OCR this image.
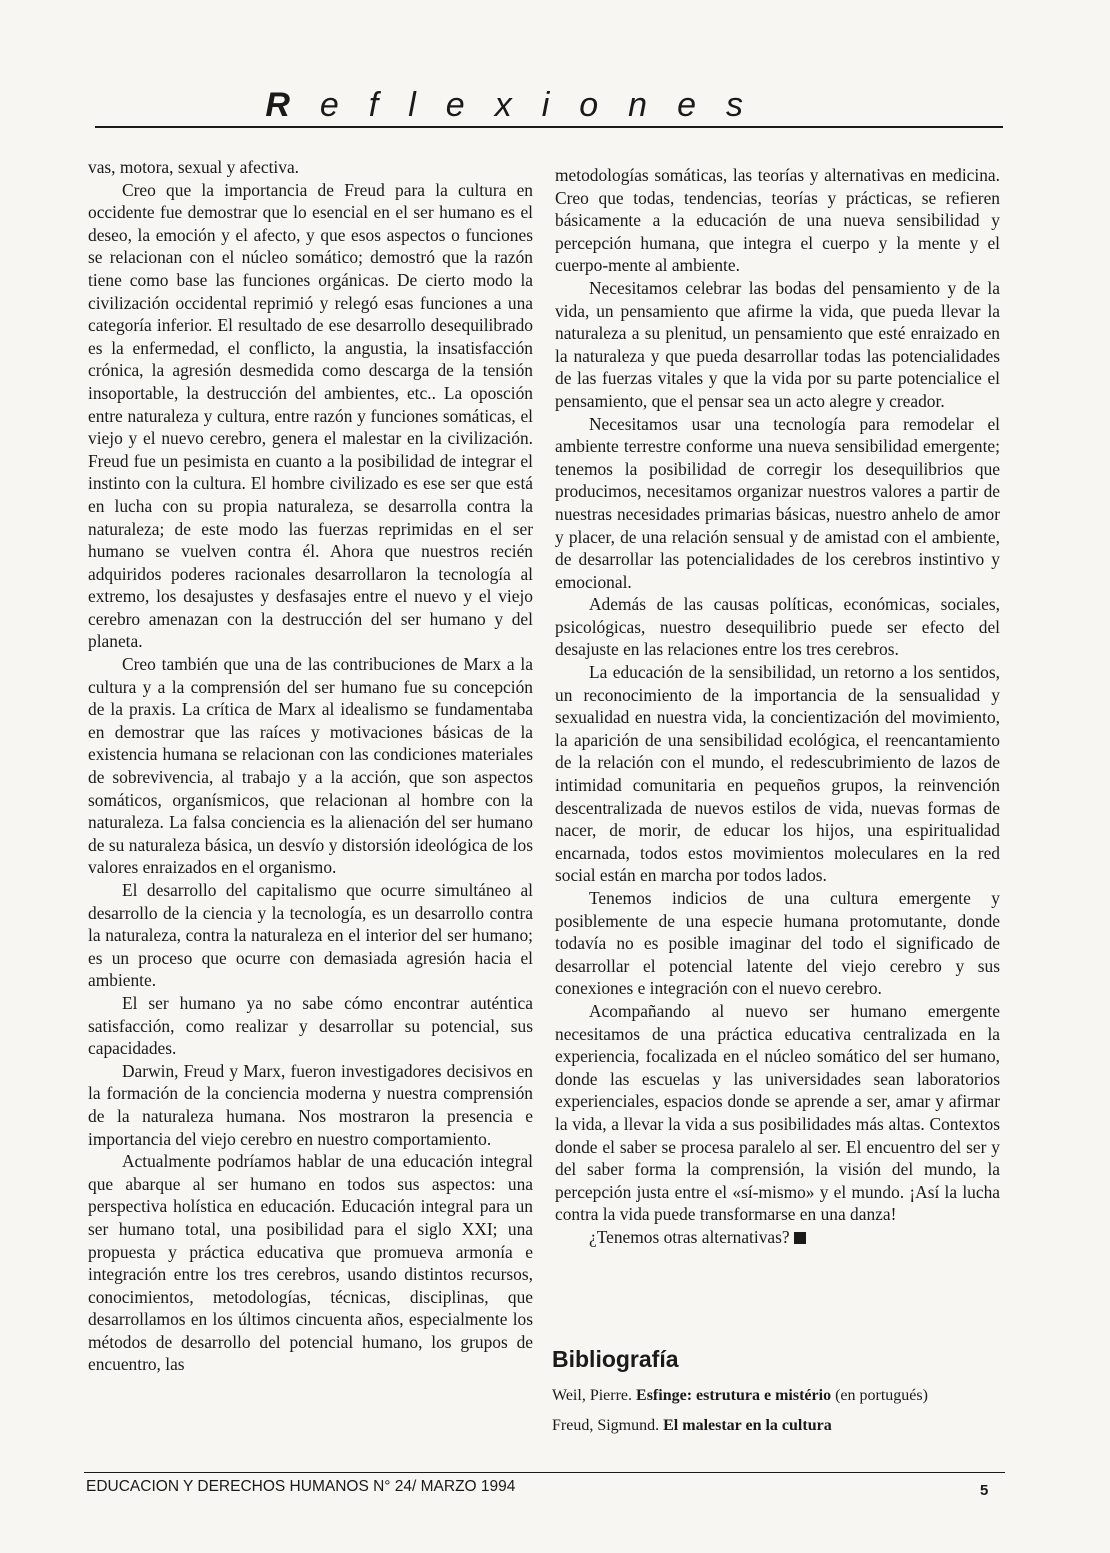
Reflexiones

vas, motora, sexual y afectiva.

Creo que la importancia de Freud para la cultura en occidente fue demostrar que lo esencial en el ser humano es el deseo, la emoción y el afecto, y que esos aspectos o funciones se relacionan con el núcleo somático; demostró que la razón tiene como base las funciones orgánicas. De cierto modo la civilización occidental reprimió y relegó esas funciones a una categoría inferior. El resultado de ese desarrollo desequilibrado es la enfermedad, el conflicto, la angustia, la insatisfacción crónica, la agresión desmedida como descarga de la tensión insoportable, la destrucción del ambientes, etc.. La oposción entre naturaleza y cultura, entre razón y funciones somáticas, el viejo y el nuevo cerebro, genera el malestar en la civilización. Freud fue un pesimista en cuanto a la posibilidad de integrar el instinto con la cultura. El hombre civilizado es ese ser que está en lucha con su propia naturaleza, se desarrolla contra la naturaleza; de este modo las fuerzas reprimidas en el ser humano se vuelven contra él. Ahora que nuestros recién adquiridos poderes racionales desarrollaron la tecnología al extremo, los desajustes y desfasajes entre el nuevo y el viejo cerebro amenazan con la destrucción del ser humano y del planeta.

Creo también que una de las contribuciones de Marx a la cultura y a la comprensión del ser humano fue su concepción de la praxis. La crítica de Marx al idealismo se fundamentaba en demostrar que las raíces y motivaciones básicas de la existencia humana se relacionan con las condiciones materiales de sobrevivencia, al trabajo y a la acción, que son aspectos somáticos, organísmicos, que relacionan al hombre con la naturaleza. La falsa conciencia es la alienación del ser humano de su naturaleza básica, un desvío y distorsión ideológica de los valores enraizados en el organismo.

El desarrollo del capitalismo que ocurre simultáneo al desarrollo de la ciencia y la tecnología, es un desarrollo contra la naturaleza, contra la naturaleza en el interior del ser humano; es un proceso que ocurre con demasiada agresión hacia el ambiente.

El ser humano ya no sabe cómo encontrar auténtica satisfacción, como realizar y desarrollar su potencial, sus capacidades.

Darwin, Freud y Marx, fueron investigadores decisivos en la formación de la conciencia moderna y nuestra comprensión de la naturaleza humana. Nos mostraron la presencia e importancia del viejo cerebro en nuestro comportamiento.

Actualmente podríamos hablar de una educación integral que abarque al ser humano en todos sus aspectos: una perspectiva holística en educación. Educación integral para un ser humano total, una posibilidad para el siglo XXI; una propuesta y práctica educativa que promueva armonía e integración entre los tres cerebros, usando distintos recursos, conocimientos, metodologías, técnicas, disciplinas, que desarrollamos en los últimos cincuenta años, especialmente los métodos de desarrollo del potencial humano, los grupos de encuentro, las

metodologías somáticas, las teorías y alternativas en medicina. Creo que todas, tendencias, teorías y prácticas, se refieren básicamente a la educación de una nueva sensibilidad y percepción humana, que integra el cuerpo y la mente y el cuerpo-mente al ambiente.

Necesitamos celebrar las bodas del pensamiento y de la vida, un pensamiento que afirme la vida, que pueda llevar la naturaleza a su plenitud, un pensamiento que esté enraizado en la naturaleza y que pueda desarrollar todas las potencialidades de las fuerzas vitales y que la vida por su parte potencialice el pensamiento, que el pensar sea un acto alegre y creador.

Necesitamos usar una tecnología para remodelar el ambiente terrestre conforme una nueva sensibilidad emergente; tenemos la posibilidad de corregir los desequilibrios que producimos, necesitamos organizar nuestros valores a partir de nuestras necesidades primarias básicas, nuestro anhelo de amor y placer, de una relación sensual y de amistad con el ambiente, de desarrollar las potencialidades de los cerebros instintivo y emocional.

Además de las causas políticas, económicas, sociales, psicológicas, nuestro desequilibrio puede ser efecto del desajuste en las relaciones entre los tres cerebros.

La educación de la sensibilidad, un retorno a los sentidos, un reconocimiento de la importancia de la sensualidad y sexualidad en nuestra vida, la concientización del movimiento, la aparición de una sensibilidad ecológica, el reencantamiento de la relación con el mundo, el redescubrimiento de lazos de intimidad comunitaria en pequeños grupos, la reinvención descentralizada de nuevos estilos de vida, nuevas formas de nacer, de morir, de educar los hijos, una espiritualidad encarnada, todos estos movimientos moleculares en la red social están en marcha por todos lados.

Tenemos indicios de una cultura emergente y posiblemente de una especie humana protomutante, donde todavía no es posible imaginar del todo el significado de desarrollar el potencial latente del viejo cerebro y sus conexiones e integración con el nuevo cerebro.

Acompañando al nuevo ser humano emergente necesitamos de una práctica educativa centralizada en la experiencia, focalizada en el núcleo somático del ser humano, donde las escuelas y las universidades sean laboratorios experienciales, espacios donde se aprende a ser, amar y afirmar la vida, a llevar la vida a sus posibilidades más altas. Contextos donde el saber se procesa paralelo al ser. El encuentro del ser y del saber forma la comprensión, la visión del mundo, la percepción justa entre el «sí-mismo» y el mundo. ¡Así la lucha contra la vida puede transformarse en una danza!

¿Tenemos otras alternativas?

Bibliografía

Weil, Pierre. Esfinge: estrutura e mistério (en portugués)

Freud, Sigmund. El malestar en la cultura

EDUCACION Y DERECHOS HUMANOS N° 24/ MARZO 1994	5
